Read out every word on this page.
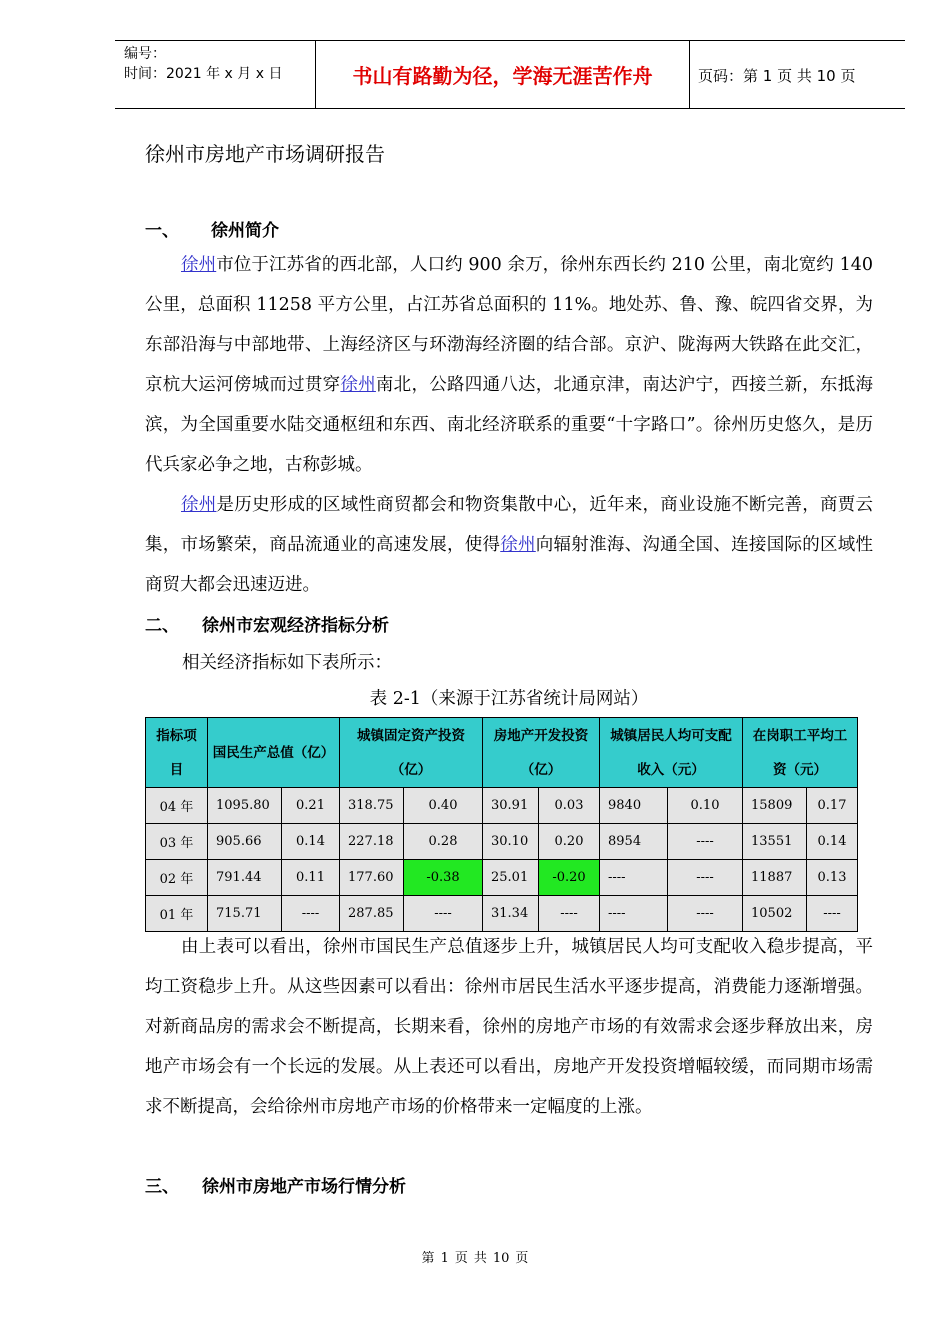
编号：
时间：2021 年 x 月 x 日	书山有路勤为径，学海无涯苦作舟	页码：第 1 页 共 10 页
徐州市房地产市场调研报告
一、 徐州简介
徐州市位于江苏省的西北部，人口约 900 余万，徐州东西长约 210 公里，南北宽约 140 公里，总面积 11258 平方公里，占江苏省总面积的 11%。地处苏、鲁、豫、皖四省交界，为东部沿海与中部地带、上海经济区与环渤海经济圈的结合部。京沪、陇海两大铁路在此交汇，京杭大运河傍城而过贯穿徐州南北，公路四通八达，北通京津，南达沪宁，西接兰新，东抵海滨，为全国重要水陆交通枢纽和东西、南北经济联系的重要“十字路口”。徐州历史悠久，是历代兵家必争之地，古称彭城。
徐州是历史形成的区域性商贸都会和物资集散中心，近年来，商业设施不断完善，商贾云集，市场繁荣，商品流通业的高速发展，使得徐州向辐射淮海、沟通全国、连接国际的区域性商贸大都会迅速迈进。
二、 徐州市宏观经济指标分析
相关经济指标如下表所示：
表 2-1（来源于江苏省统计局网站）
指标项目	国民生产总值（亿）		城镇固定资产投资（亿）		房地产开发投资（亿）		城镇居民人均可支配收入（元）		在岗职工平均工资（元）	
04 年	1095.80	0.21	318.75	0.40	30.91	0.03	9840	0.10	15809	0.17
03 年	905.66	0.14	227.18	0.28	30.10	0.20	8954	----	13551	0.14
02 年	791.44	0.11	177.60	-0.38	25.01	-0.20	----	----	11887	0.13
01 年	715.71	----	287.85	----	31.34	----	----	----	10502	----
由上表可以看出，徐州市国民生产总值逐步上升，城镇居民人均可支配收入稳步提高，平均工资稳步上升。从这些因素可以看出：徐州市居民生活水平逐步提高，消费能力逐渐增强。对新商品房的需求会不断提高，长期来看，徐州的房地产市场的有效需求会逐步释放出来，房地产市场会有一个长远的发展。从上表还可以看出，房地产开发投资增幅较缓，而同期市场需求不断提高，会给徐州市房地产市场的价格带来一定幅度的上涨。
三、 徐州市房地产市场行情分析
第 1 页 共 10 页
